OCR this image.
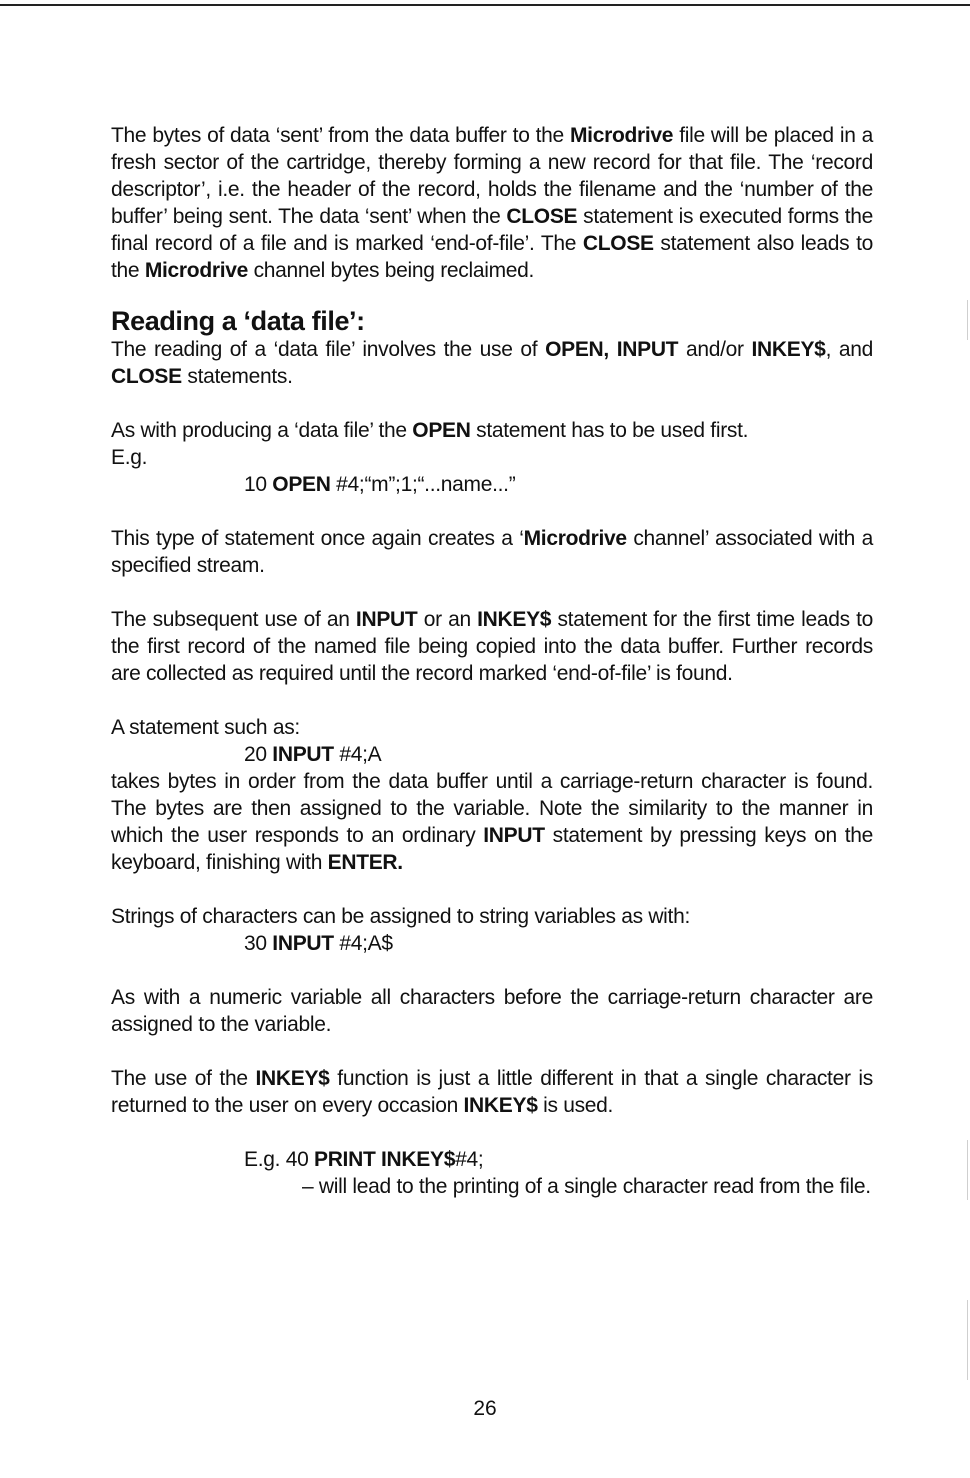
The bytes of data ‘sent’ from the data buffer to the Microdrive file will be placed in a fresh sector of the cartridge, thereby forming a new record for that file. The ‘record descriptor’, i.e. the header of the record, holds the filename and the ‘number of the buffer’ being sent. The data ‘sent’ when the CLOSE statement is executed forms the final record of a file and is marked ‘end-of-file’. The CLOSE statement also leads to the Microdrive channel bytes being reclaimed.

Reading a ‘data file’:

The reading of a ‘data file’ involves the use of OPEN, INPUT and/or INKEY$, and CLOSE statements.

As with producing a ‘data file’ the OPEN statement has to be used first.
E.g.

10 OPEN #4;“m”;1;“...name...”

This type of statement once again creates a ‘Microdrive channel’ associated with a specified stream.

The subsequent use of an INPUT or an INKEY$ statement for the first time leads to the first record of the named file being copied into the data buffer. Further records are collected as required until the record marked ‘end-of-file’ is found.

A statement such as:

20 INPUT #4;A

takes bytes in order from the data buffer until a carriage-return character is found. The bytes are then assigned to the variable. Note the similarity to the manner in which the user responds to an ordinary INPUT statement by pressing keys on the keyboard, finishing with ENTER.

Strings of characters can be assigned to string variables as with:

30 INPUT #4;A$

As with a numeric variable all characters before the carriage-return character are assigned to the variable.

The use of the INKEY$ function is just a little different in that a single character is returned to the user on every occasion INKEY$ is used.

E.g. 40 PRINT INKEY$#4;

– will lead to the printing of a single character read from the file.

26
